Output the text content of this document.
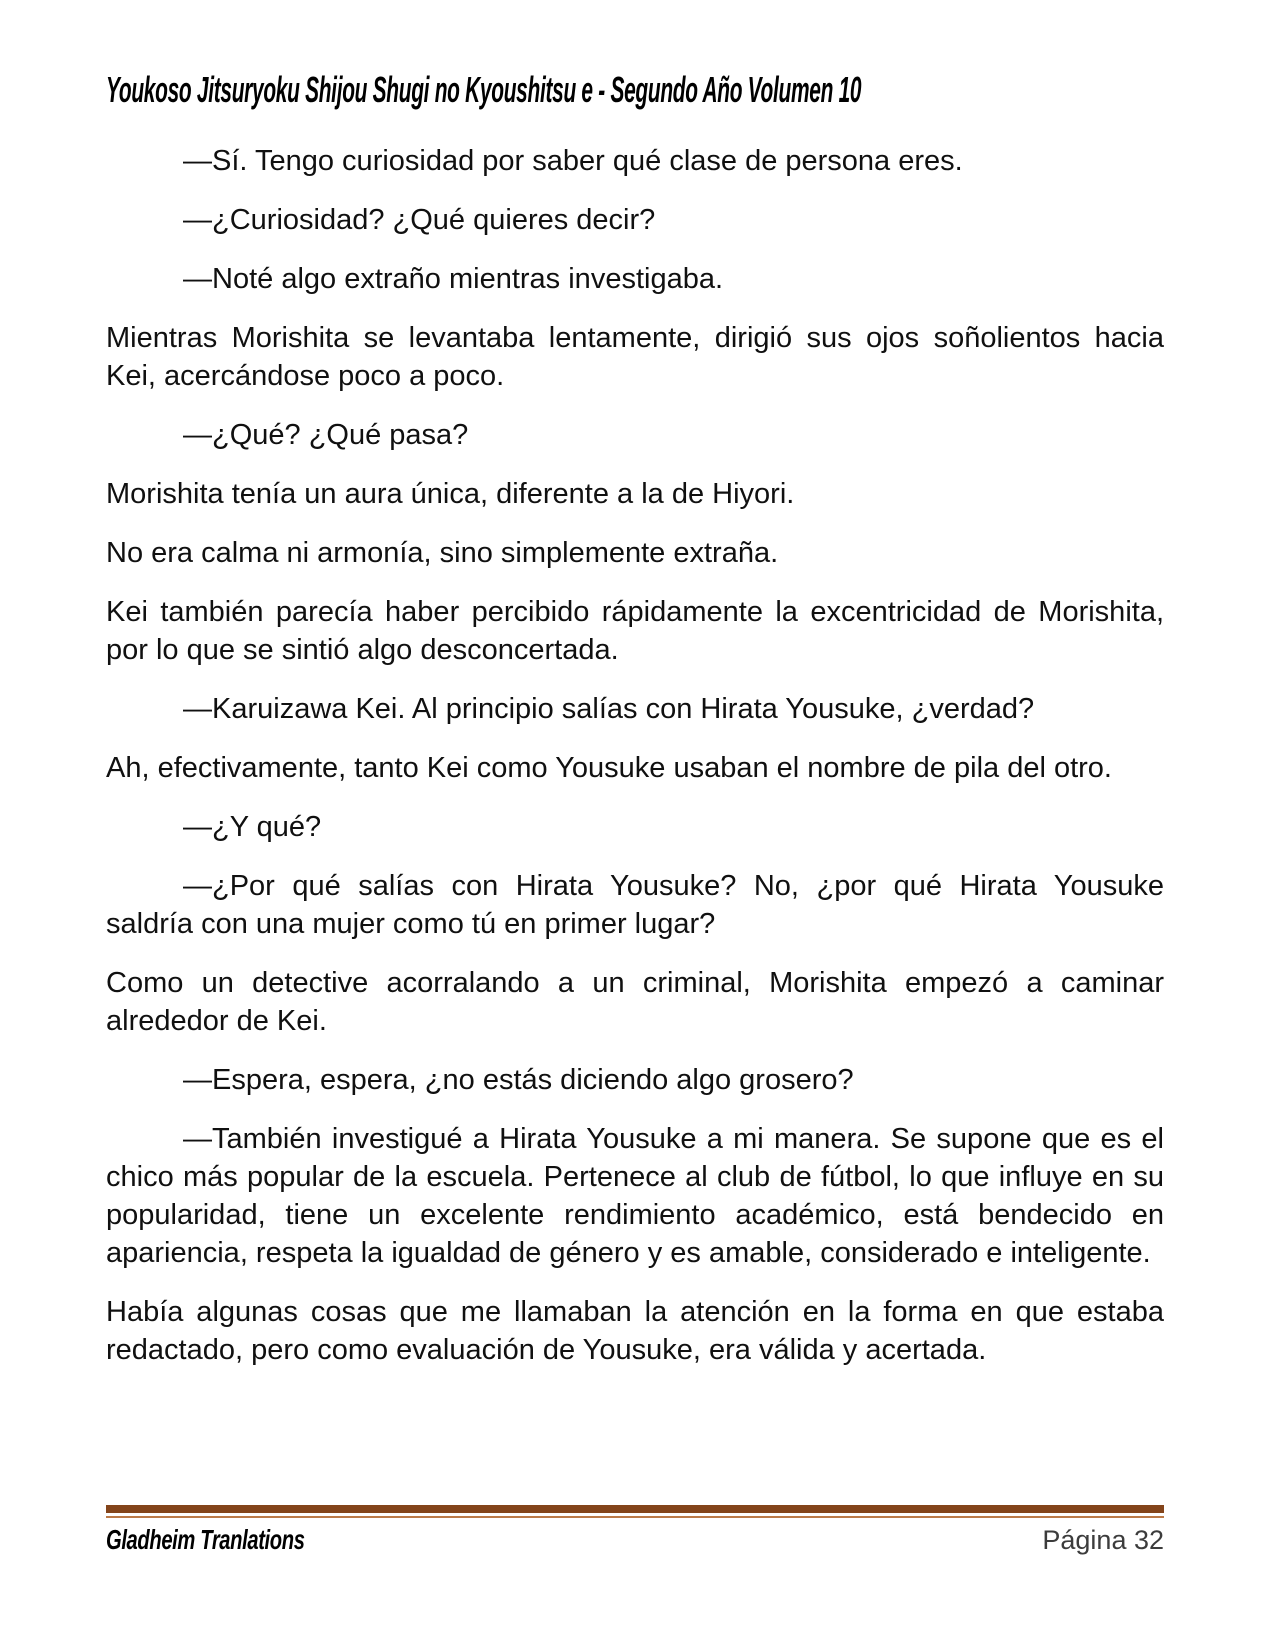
Youkoso Jitsuryoku Shijou Shugi no Kyoushitsu e - Segundo Año Volumen 10

—Sí. Tengo curiosidad por saber qué clase de persona eres.

—¿Curiosidad? ¿Qué quieres decir?

—Noté algo extraño mientras investigaba.

Mientras Morishita se levantaba lentamente, dirigió sus ojos soñolientos hacia Kei, acercándose poco a poco.

—¿Qué? ¿Qué pasa?

Morishita tenía un aura única, diferente a la de Hiyori.

No era calma ni armonía, sino simplemente extraña.

Kei también parecía haber percibido rápidamente la excentricidad de Morishita, por lo que se sintió algo desconcertada.

—Karuizawa Kei. Al principio salías con Hirata Yousuke, ¿verdad?

Ah, efectivamente, tanto Kei como Yousuke usaban el nombre de pila del otro.

—¿Y qué?

—¿Por qué salías con Hirata Yousuke? No, ¿por qué Hirata Yousuke saldría con una mujer como tú en primer lugar?

Como un detective acorralando a un criminal, Morishita empezó a caminar alrededor de Kei.

—Espera, espera, ¿no estás diciendo algo grosero?

—También investigué a Hirata Yousuke a mi manera. Se supone que es el chico más popular de la escuela. Pertenece al club de fútbol, lo que influye en su popularidad, tiene un excelente rendimiento académico, está bendecido en apariencia, respeta la igualdad de género y es amable, considerado e inteligente.

Había algunas cosas que me llamaban la atención en la forma en que estaba redactado, pero como evaluación de Yousuke, era válida y acertada.

Gladheim Tranlations	Página 32
